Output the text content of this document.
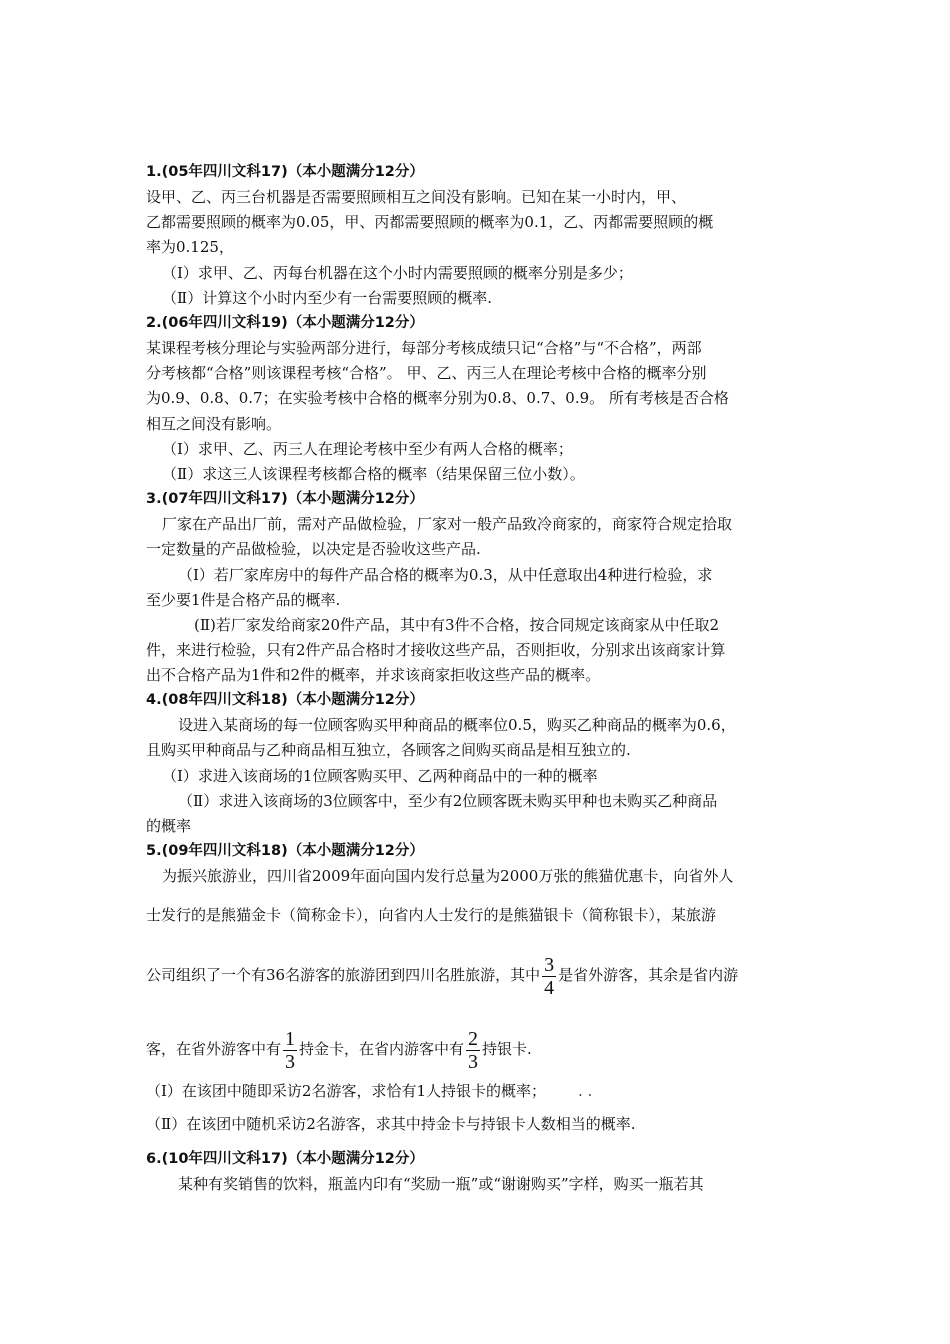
1.(05年四川文科17)（本小题满分12分）
设甲、乙、丙三台机器是否需要照顾相互之间没有影响。已知在某一小时内，甲、
乙都需要照顾的概率为0.05，甲、丙都需要照顾的概率为0.1，乙、丙都需要照顾的概
率为0.125，
（Ⅰ）求甲、乙、丙每台机器在这个小时内需要照顾的概率分别是多少；
（Ⅱ）计算这个小时内至少有一台需要照顾的概率.
2.(06年四川文科19)（本小题满分12分）
某课程考核分理论与实验两部分进行，每部分考核成绩只记“合格”与“不合格”，两部
分考核都“合格”则该课程考核“合格”。 甲、乙、丙三人在理论考核中合格的概率分别
为0.9、0.8、0.7；在实验考核中合格的概率分别为0.8、0.7、0.9。 所有考核是否合格
相互之间没有影响。
（Ⅰ）求甲、乙、丙三人在理论考核中至少有两人合格的概率；
（Ⅱ）求这三人该课程考核都合格的概率（结果保留三位小数）。
3.(07年四川文科17)（本小题满分12分）
厂家在产品出厂前，需对产品做检验，厂家对一般产品致冷商家的，商家符合规定拾取
一定数量的产品做检验，以决定是否验收这些产品.
（Ⅰ）若厂家库房中的每件产品合格的概率为0.3，从中任意取出4种进行检验，求
至少要1件是合格产品的概率.
(Ⅱ)若厂家发给商家20件产品，其中有3件不合格，按合同规定该商家从中任取2
件，来进行检验，只有2件产品合格时才接收这些产品，否则拒收，分别求出该商家计算
出不合格产品为1件和2件的概率，并求该商家拒收这些产品的概率。
4.(08年四川文科18)（本小题满分12分）
设进入某商场的每一位顾客购买甲种商品的概率位0.5，购买乙种商品的概率为0.6，
且购买甲种商品与乙种商品相互独立，各顾客之间购买商品是相互独立的.
（Ⅰ）求进入该商场的1位顾客购买甲、乙两种商品中的一种的概率
（Ⅱ）求进入该商场的3位顾客中，至少有2位顾客既未购买甲种也未购买乙种商品
的概率
5.(09年四川文科18)（本小题满分12分）
为振兴旅游业，四川省2009年面向国内发行总量为2000万张的熊猫优惠卡，向省外人
士发行的是熊猫金卡（简称金卡），向省内人士发行的是熊猫银卡（简称银卡），某旅游
公司组织了一个有36名游客的旅游团到四川名胜旅游，其中 $\frac{3}{4}$ 是省外游客，其余是省内游
客，在省外游客中有 $\frac{1}{3}$ 持金卡，在省内游客中有 $\frac{2}{3}$ 持银卡.
（Ⅰ）在该团中随即采访2名游客，求恰有1人持银卡的概率； . .
（Ⅱ）在该团中随机采访2名游客，求其中持金卡与持银卡人数相当的概率.
6.(10年四川文科17)（本小题满分12分）
某种有奖销售的饮料，瓶盖内印有“奖励一瓶”或“谢谢购买”字样，购买一瓶若其
